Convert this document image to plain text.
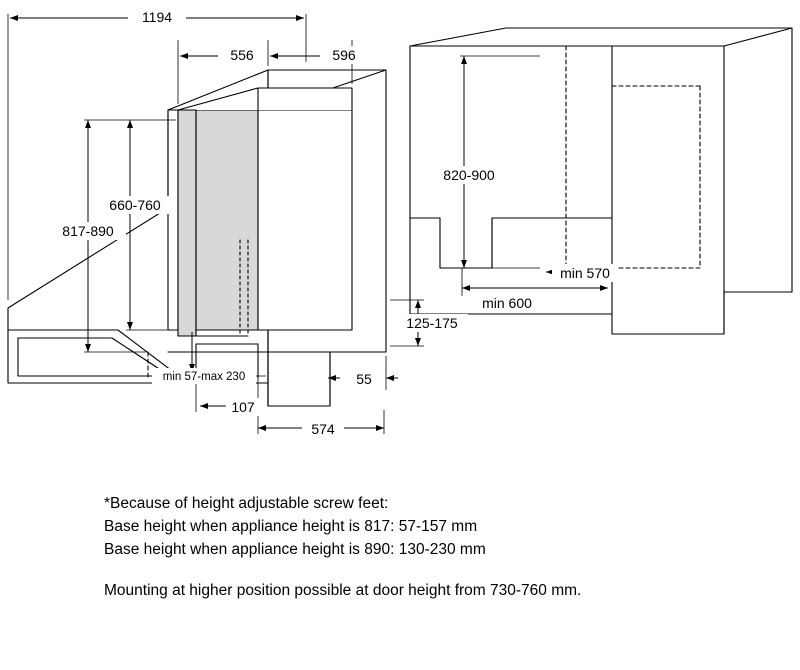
1194
556	596
817-890
660-760
min 57-max 230
107
574
55
125-175
820-900
min 570
min 600
*Because of height adjustable screw feet:
Base height when appliance height is 817: 57-157 mm
Base height when appliance height is 890: 130-230 mm
Mounting at higher position possible at door height from 730-760 mm.
